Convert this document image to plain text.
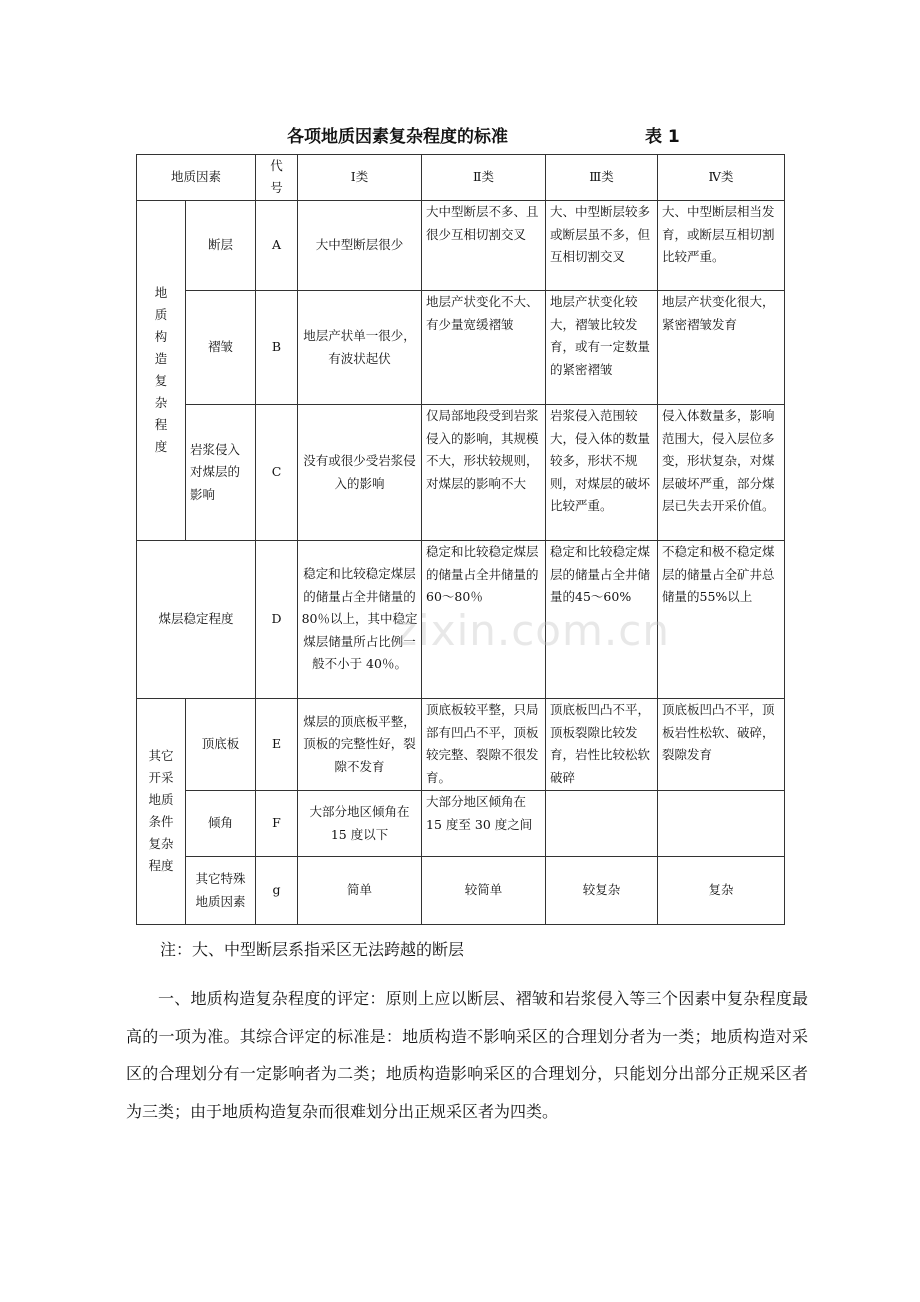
各项地质因素复杂程度的标准	表 1
地质因素		代号	Ⅰ类	Ⅱ类	Ⅲ类	Ⅳ类
地质构造复杂程度	断层	A	大中型断层很少	大中型断层不多、且很少互相切割交叉	大、中型断层较多或断层虽不多，但互相切割交叉	大、中型断层相当发育，或断层互相切割比较严重。
	褶皱	B	地层产状单一很少，有波状起伏	地层产状变化不大、有少量宽缓褶皱	地层产状变化较大，褶皱比较发育，或有一定数量的紧密褶皱	地层产状变化很大，紧密褶皱发育
	岩浆侵入对煤层的影响	C	没有或很少受岩浆侵入的影响	仅局部地段受到岩浆侵入的影响，其规模不大，形状较规则，对煤层的影响不大	岩浆侵入范围较大，侵入体的数量较多，形状不规则，对煤层的破坏比较严重。	侵入体数量多，影响范围大，侵入层位多变，形状复杂，对煤层破坏严重，部分煤层已失去开采价值。
煤层稳定程度		D	稳定和比较稳定煤层的储量占全井储量的 80％以上，其中稳定煤层储量所占比例一般不小于 40％。	稳定和比较稳定煤层的储量占全井储量的 60～80％	稳定和比较稳定煤层的储量占全井储量的45～60%	不稳定和极不稳定煤层的储量占全矿井总储量的55%以上
其它开采地质条件复杂程度	顶底板	E	煤层的顶底板平整，顶板的完整性好，裂隙不发育	顶底板较平整，只局部有凹凸不平，顶板较完整、裂隙不很发育。	顶底板凹凸不平，顶板裂隙比较发育，岩性比较松软破碎	顶底板凹凸不平，顶板岩性松软、破碎，裂隙发育
	倾角	F	大部分地区倾角在 15 度以下	大部分地区倾角在 15 度至 30 度之间		
	其它特殊地质因素	g	简单	较简单	较复杂	复杂
zixin.com.cn
注：大、中型断层系指采区无法跨越的断层
一、地质构造复杂程度的评定：原则上应以断层、褶皱和岩浆侵入等三个因素中复杂程度最高的一项为准。其综合评定的标准是：地质构造不影响采区的合理划分者为一类；地质构造对采区的合理划分有一定影响者为二类；地质构造影响采区的合理划分，只能划分出部分正规采区者为三类；由于地质构造复杂而很难划分出正规采区者为四类。
